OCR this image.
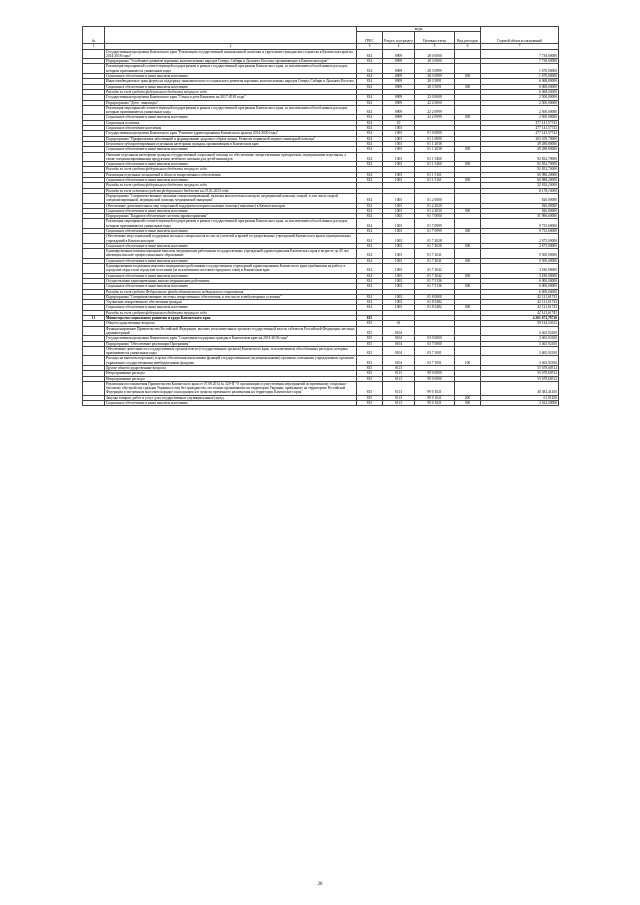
№		коды				Годовой объем ассигнований
		ГРБС	Раздел, под-раздел	Целевая статья	Вид расходов	
1	2	3	4	5	6	7
	Государственная программа Камчатского края "Реализация государственной национальной политики и укрепление гражданского единства в Камчатском крае на 2014-2018 годы"	814	0909	28 0 0000		7 738,00000
	Подпрограмма "Устойчивое развитие коренных малочисленных народов Севера, Сибири и Дальнего Востока, проживающих в Камчатском крае"	814	0909	28 3 0000		7 738,00000
	Реализация мероприятий соответствующей подпрограммы в рамках государственной программы Камчатского края, за исключением обособленных расходов, которым присваиваются уникальные коды	814	0909	28 3 0999		1 670,00000
	Социальное обеспечение и иные выплаты населению	814	0909	28 3 0999	300	1 670,00000
	Иные межбюджетные трансферты на поддержку экономического и социального развития коренных малочисленных народов Севера, Сибири и Дальнего Востока	814	0909	28 3 5091		6 068,00000
	Социальное обеспечение и иные выплаты населению	814	0909	28 3 5091	300	6 068,00000
	Расходы за счет средств федерального бюджета текущего года					6 068,00000
	Государственная программа Камчатского края "Семья и дети Камчатки на 2017-2018 годы"	814	0909	22 0 0000		2 500,00000
	Подпрограмма "Дети - инвалиды"	814	0909	22 2 0000		2 500,00000
	Реализация мероприятий соответствующей подпрограммы в рамках государственной программы Камчатского края, за исключением обособленных расходов, которым присваиваются уникальные коды	814	0909	22 2 0999		2 500,00000
	Социальное обеспечение и иные выплаты населению	814	0909	22 2 0999	300	2 500,00000
	Социальная политика	814	10			277 141,57743
	Социальное обеспечение населения	814	1003			277 141,57743
	Государственная программа Камчатского края "Развитие здравоохранения Камчатского края на 2014-2020 годы"	814	1003	01 0 0000		277 141,57743
	Подпрограмма "Профилактика заболеваний и формирование здорового образа жизни. Развитие первичной медико-санитарной помощи"	814	1003	01 1 0000		203 109,70000
	Бесплатное зубопротезирование отдельным категориям граждан, проживающим в Камчатском крае	814	1003	01 1 2038		49 288,80000
	Социальное обеспечение и иные выплаты населению	814	1003	01 1 2038	300	49 288,80000
	Оказание отдельным категориям граждан государственной социальной помощи по обеспечению лекарственными препаратами, медицинскими изделиями, а также специализированными продуктами лечебного питания для детей-инвалидов	814	1003	01 1 5460		92 832,70000
	Социальное обеспечение и иные выплаты населению	814	1003	01 1 5460	300	92 832,70000
	Расходы за счет средств федерального бюджета текущего года					92 832,70000
	Реализация отдельных полномочий в области лекарственного обеспечения	814	1003	01 1 5161		60 988,20000
	Социальное обеспечение и иные выплаты населению	814	1003	01 1 5161	300	60 988,20000
	Расходы за счет средств федерального бюджета текущего года					52 810,10000
	Расходы за счет остатков средств федерального бюджета на 01.01.2015 года					8 178,10000
	Подпрограмма "Совершенствование оказания специализированной, включая высокотехнологичную, медицинской помощи, скорой, в том числе скорой специализированной, медицинской помощи, медицинской эвакуации"	814	1003	01 2 0000		820,00000
	Обеспечение дополнительных мер социальной поддержки которым оказание помощи (заявление) в Камчатском крае	814	1003	01 2 2020		820,00000
	Социальное обеспечение и иные выплаты населению	814	1003	01 2 2020	300	820,00000
	Подпрограмма "Кадровое обеспечение системы здравоохранения"	814	1003	01 7 0000		31 096,60000
	Реализация мероприятий соответствующей подпрограммы в рамках государственной программы Камчатского края, за исключением обособленных расходов, которым присваиваются уникальные коды	814	1003	01 7 0999		9 735,60000
	Социальное обеспечение и иные выплаты населению	814	1003	01 7 0999	300	9 735,60000
	Обеспечение мер социальной поддержки молодых специалистов из числа учителей и врачей государственных учреждений Камчатского края и муниципальных учреждений в Камчатском крае	814	1003	01 7 2028		2 675,00000
	Социальное обеспечение и иные выплаты населению	814	1003	01 7 2028	300	2 675,00000
	Единовременные компенсационные выплаты медицинским работникам государственных учреждений здравоохранения Камчатского края в возрасте до 45 лет, имеющим высшее профессиональное образование	814	1003	01 7 2041		9 500,00000
	Социальное обеспечение и иные выплаты населению	814	1003	01 7 2041	300	9 500,00000
	Единовременные подъемные выплаты медицинским работникам государственных учреждений здравоохранения Камчатского края, прибывшим на работу в городские округа или городские поселения (за исключением поселков городского типа) в Камчатском крае	814	1003	01 7 2042		3 180,00000
	Социальное обеспечение и иные выплаты населению	814	1003	01 7 2042	300	3 180,00000
	Осуществление единовременных выплат медицинским работникам	814	1003	01 7 5136		6 000,00000
	Социальное обеспечение и иные выплаты населению	814	1003	01 7 5136	300	6 000,00000
	Расходы за счет средств Федерального фонда обязательного медицинского страхования					6 000,00000
	Подпрограмма "Совершенствование системы лекарственного обеспечения, в том числе в амбулаторных условиях"	814	1003	01 8 0000		42 121,61743
	Улучшение лекарственного обеспечения граждан	814	1003	01 8 5482		42 121,61743
	Социальное обеспечение и иные выплаты населению	814	1003	01 8 5482	300	42 121,61743
	Расходы за счет средств федерального бюджета текущего года					42 121,61743
13	Министерство социального развития и труда Камчатского края	815				4 201 672,78716
	Общегосударственные вопросы	815	01			59 144,52612
	Функционирование Правительства Российской Федерации, высших исполнительных органов государственной власти субъектов Российской Федерации, местных администраций	815	0104			3 465,92100
	Государственная программа Камчатского края "Социальная поддержка граждан в Камчатском крае на 2014-2018 годы"	815	0104	03 0 0000		3 465,92100
	Подпрограмма "Обеспечение реализации Программы"	815	0104	03 7 0000		3 465,92100
	Обеспечение деятельности государственных органов власти (государственных органов) Камчатского края, за исключением обособленных расходов, которым присваиваются уникальные коды	815	0104	03 7 1001		3 465,92100
	Расходы на выплаты персоналу в целях обеспечения выполнения функций государственными (муниципальными) органами, казенными учреждениями, органами управления государственными внебюджетными фондами	815	0104	03 7 1001	100	3 465,92100
	Другие общегосударственные вопросы	815	0113			55 678,60512
	Непрограммные расходы	815	0113	99 0 0000		55 678,60512
	Непрограммные расходы	815	0113	99 0 0000		55 678,60512
	Реализация постановления Правительства Камчатского края от 07.08.2014 № 329-П "О организации осуществления мероприятий по временному социально-бытовому обустройству граждан Украины и лиц без гражданства, постоянно проживавших на территории Украины, прибывших на территорию Российской Федерации в экстренном массовом порядке и находящихся в пунктах временного размещения на территории Камчатского края"	815	0113	99 0 1021		40 382,41450
	Закупка товаров, работ и услуг для государственных (муниципальных) нужд	815	0113	99 0 1021	200	61,91450
	Социальное обеспечение и иные выплаты населению	815	0113	99 0 1021	300	3 622,50000
26
